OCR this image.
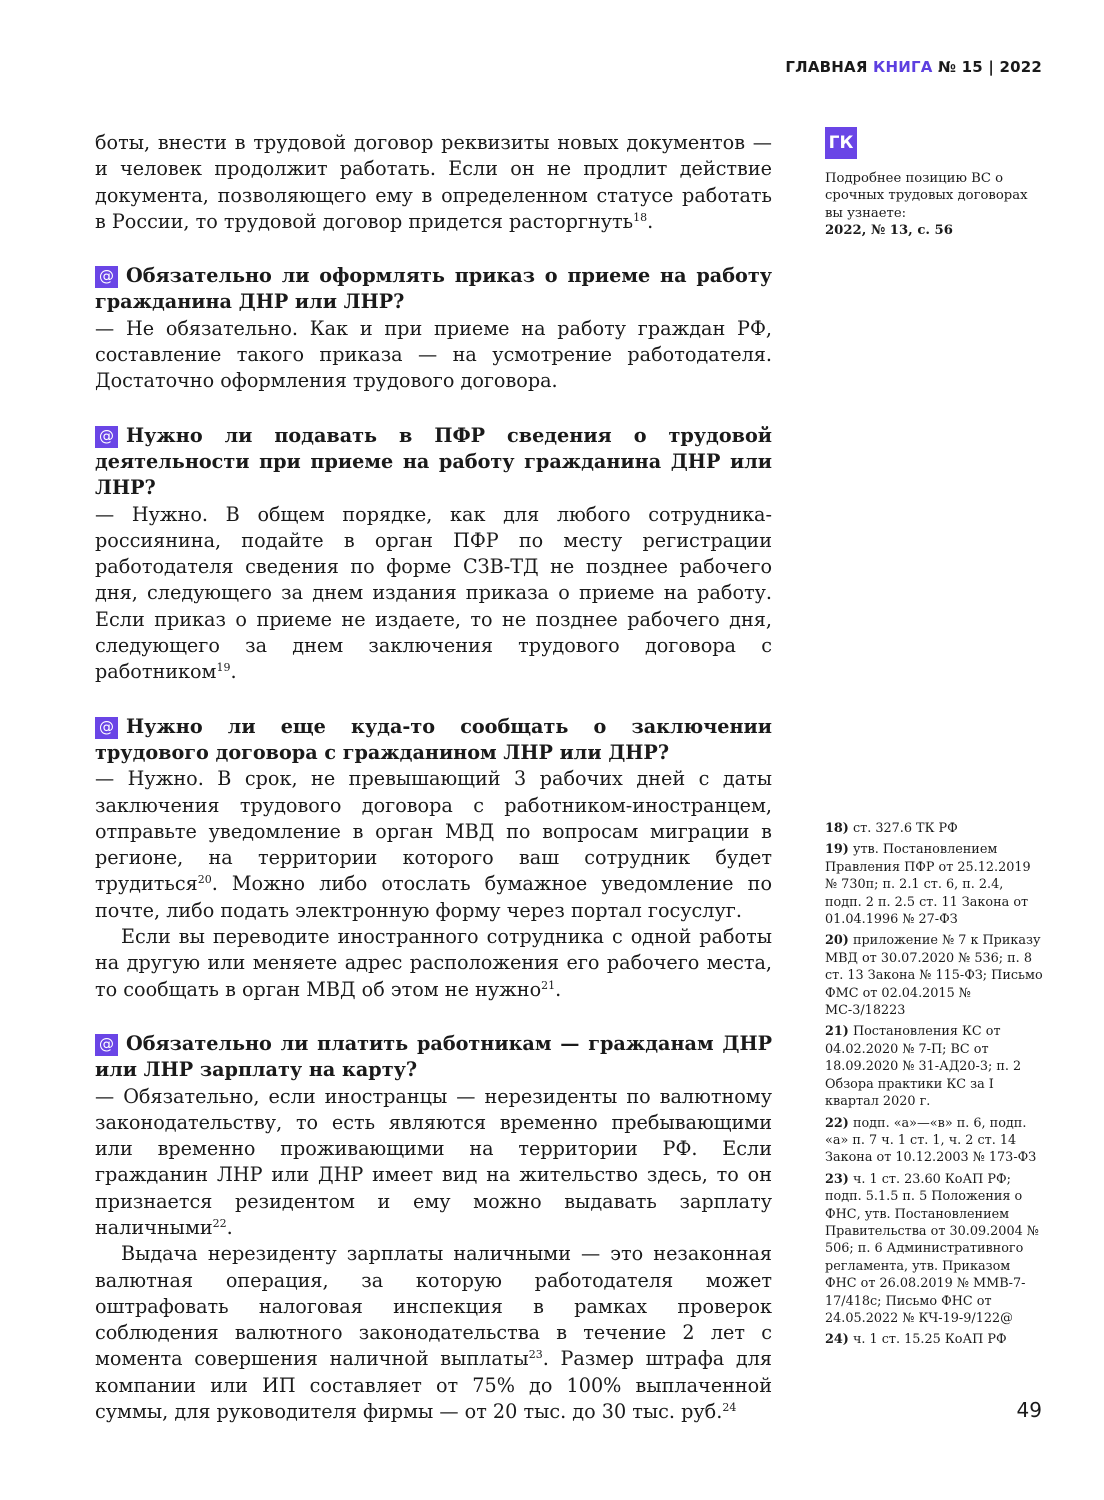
ГЛАВНАЯ КНИГА № 15 | 2022

боты, внести в трудовой договор реквизиты новых документов — и человек продолжит работать. Если он не продлит действие документа, позволяющего ему в определенном статусе работать в России, то трудовой договор придется расторгнуть$^{18}$.

@ Обязательно ли оформлять приказ о приеме на работу гражданина ДНР или ЛНР?

— Не обязательно. Как и при приеме на работу граждан РФ, составление такого приказа — на усмотрение работодателя. Достаточно оформления трудового договора.

@ Нужно ли подавать в ПФР сведения о трудовой деятельности при приеме на работу гражданина ДНР или ЛНР?

— Нужно. В общем порядке, как для любого сотрудника-россиянина, подайте в орган ПФР по месту регистрации работодателя сведения по форме СЗВ-ТД не позднее рабочего дня, следующего за днем издания приказа о приеме на работу. Если приказ о приеме не издаете, то не позднее рабочего дня, следующего за днем заключения трудового договора с работником$^{19}$.

@ Нужно ли еще куда-то сообщать о заключении трудового договора с гражданином ЛНР или ДНР?

— Нужно. В срок, не превышающий 3 рабочих дней с даты заключения трудового договора с работником-иностранцем, отправьте уведомление в орган МВД по вопросам миграции в регионе, на территории которого ваш сотрудник будет трудиться$^{20}$. Можно либо отослать бумажное уведомление по почте, либо подать электронную форму через портал госуслуг.

Если вы переводите иностранного сотрудника с одной работы на другую или меняете адрес расположения его рабочего места, то сообщать в орган МВД об этом не нужно$^{21}$.

@ Обязательно ли платить работникам — гражданам ДНР или ЛНР зарплату на карту?

— Обязательно, если иностранцы — нерезиденты по валютному законодательству, то есть являются временно пребывающими или временно проживающими на территории РФ. Если гражданин ЛНР или ДНР имеет вид на жительство здесь, то он признается резидентом и ему можно выдавать зарплату наличными$^{22}$.

Выдача нерезиденту зарплаты наличными — это незаконная валютная операция, за которую работодателя может оштрафовать налоговая инспекция в рамках проверок соблюдения валютного законодательства в течение 2 лет с момента совершения наличной выплаты$^{23}$. Размер штрафа для компании или ИП составляет от 75% до 100% выплаченной суммы, для руководителя фирмы — от 20 тыс. до 30 тыс. руб.$^{24}$

ГК
Подробнее позицию ВС о срочных трудовых договорах вы узнаете:
2022, № 13, с. 56
18) ст. 327.6 ТК РФ
19) утв. Постановлением Правления ПФР от 25.12.2019 № 730п; п. 2.1 ст. 6, п. 2.4, подп. 2 п. 2.5 ст. 11 Закона от 01.04.1996 № 27-ФЗ
20) приложение № 7 к Приказу МВД от 30.07.2020 № 536; п. 8 ст. 13 Закона № 115-ФЗ; Письмо ФМС от 02.04.2015 № МС-3/18223
21) Постановления КС от 04.02.2020 № 7-П; ВС от 18.09.2020 № 31-АД20-3; п. 2 Обзора практики КС за I квартал 2020 г.
22) подп. «а»—«в» п. 6, подп. «а» п. 7 ч. 1 ст. 1, ч. 2 ст. 14 Закона от 10.12.2003 № 173-ФЗ
23) ч. 1 ст. 23.60 КоАП РФ; подп. 5.1.5 п. 5 Положения о ФНС, утв. Постановлением Правительства от 30.09.2004 № 506; п. 6 Административного регламента, утв. Приказом ФНС от 26.08.2019 № ММВ-7-17/418с; Письмо ФНС от 24.05.2022 № КЧ-19-9/122@
24) ч. 1 ст. 15.25 КоАП РФ
49
